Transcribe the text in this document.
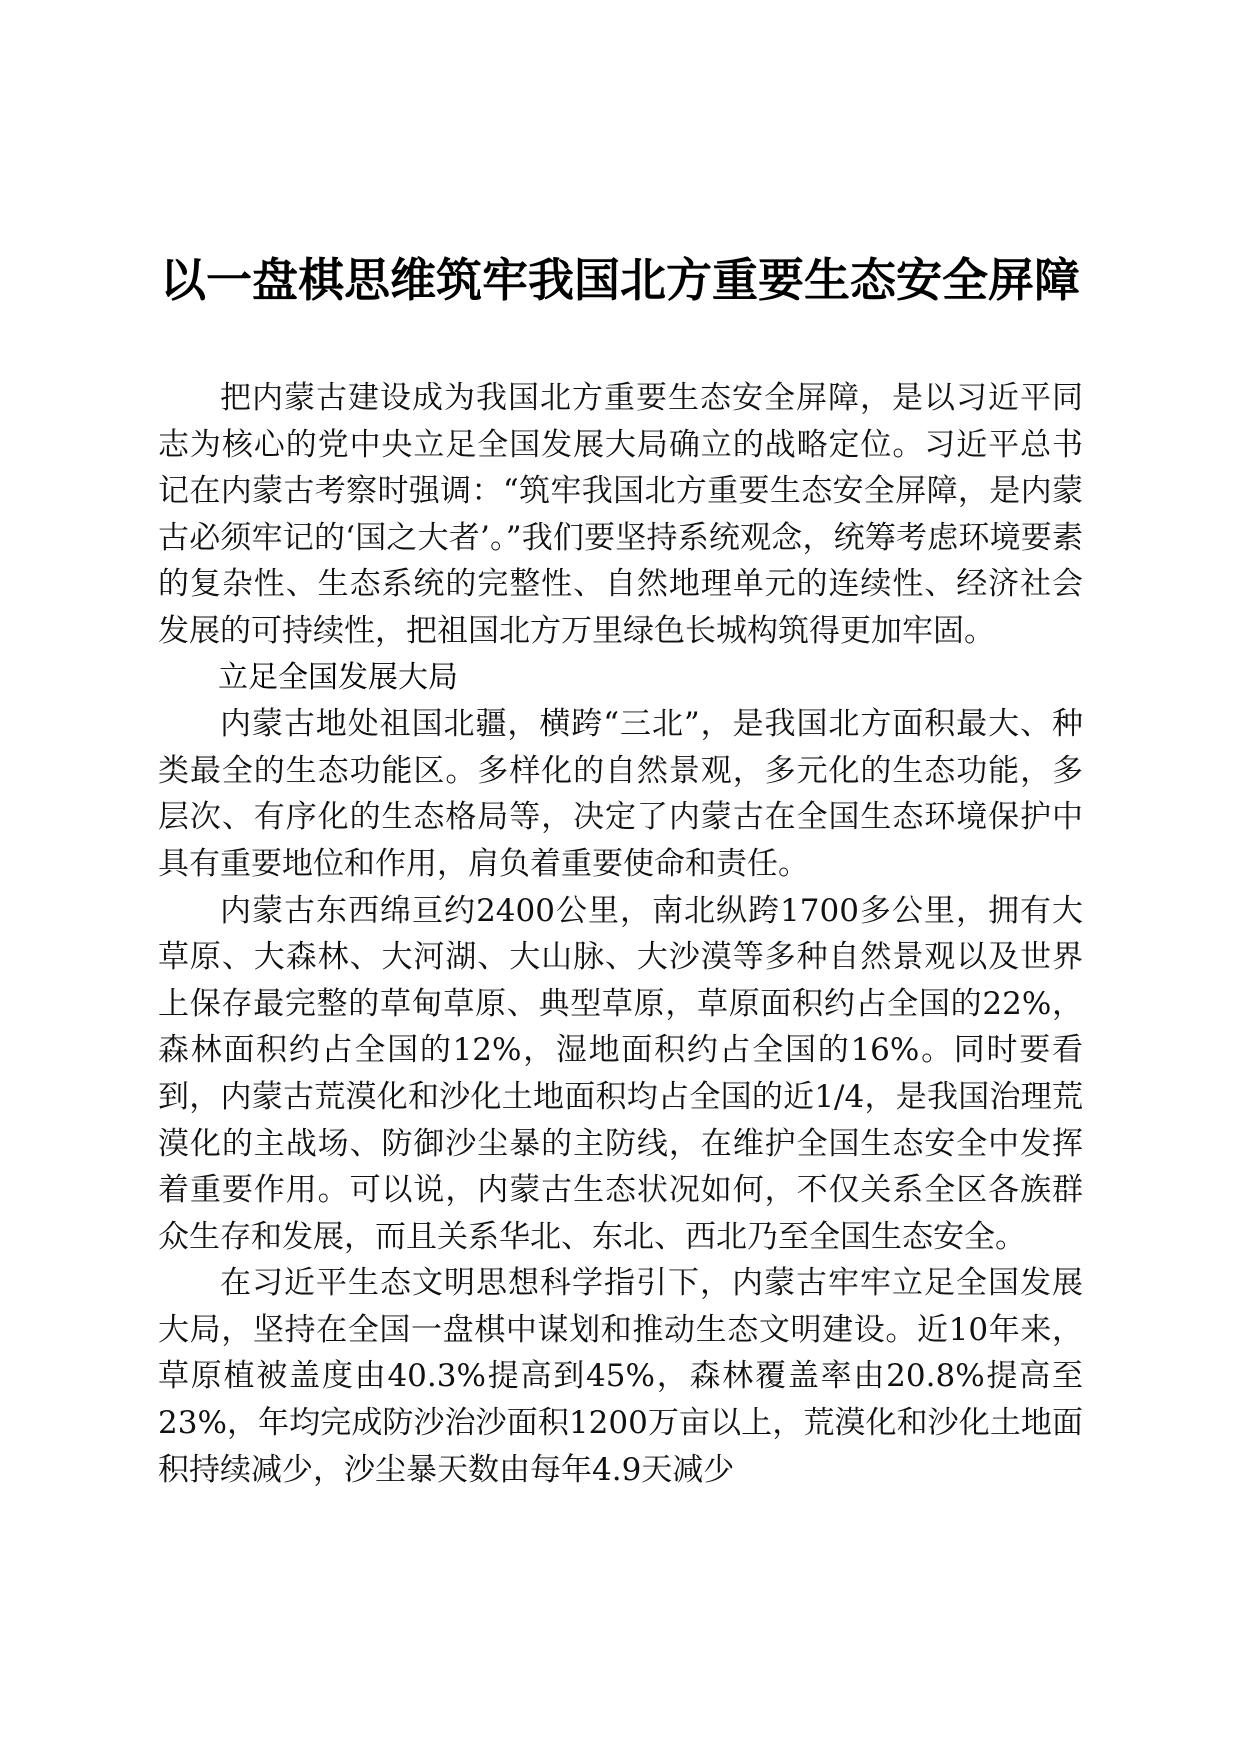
以一盘棋思维筑牢我国北方重要生态安全屏障

把内蒙古建设成为我国北方重要生态安全屏障，是以习近平同志为核心的党中央立足全国发展大局确立的战略定位。习近平总书记在内蒙古考察时强调：“筑牢我国北方重要生态安全屏障，是内蒙古必须牢记的‘国之大者’。”我们要坚持系统观念，统筹考虑环境要素的复杂性、生态系统的完整性、自然地理单元的连续性、经济社会发展的可持续性，把祖国北方万里绿色长城构筑得更加牢固。

立足全国发展大局

内蒙古地处祖国北疆，横跨“三北”，是我国北方面积最大、种类最全的生态功能区。多样化的自然景观，多元化的生态功能，多层次、有序化的生态格局等，决定了内蒙古在全国生态环境保护中具有重要地位和作用，肩负着重要使命和责任。

内蒙古东西绵亘约2400公里，南北纵跨1700多公里，拥有大草原、大森林、大河湖、大山脉、大沙漠等多种自然景观以及世界上保存最完整的草甸草原、典型草原，草原面积约占全国的22%，森林面积约占全国的12%，湿地面积约占全国的16%。同时要看到，内蒙古荒漠化和沙化土地面积均占全国的近1/4，是我国治理荒漠化的主战场、防御沙尘暴的主防线，在维护全国生态安全中发挥着重要作用。可以说，内蒙古生态状况如何，不仅关系全区各族群众生存和发展，而且关系华北、东北、西北乃至全国生态安全。

在习近平生态文明思想科学指引下，内蒙古牢牢立足全国发展大局，坚持在全国一盘棋中谋划和推动生态文明建设。近10年来，草原植被盖度由40.3%提高到45%，森林覆盖率由20.8%提高至23%，年均完成防沙治沙面积1200万亩以上，荒漠化和沙化土地面积持续减少，沙尘暴天数由每年4.9天减少
